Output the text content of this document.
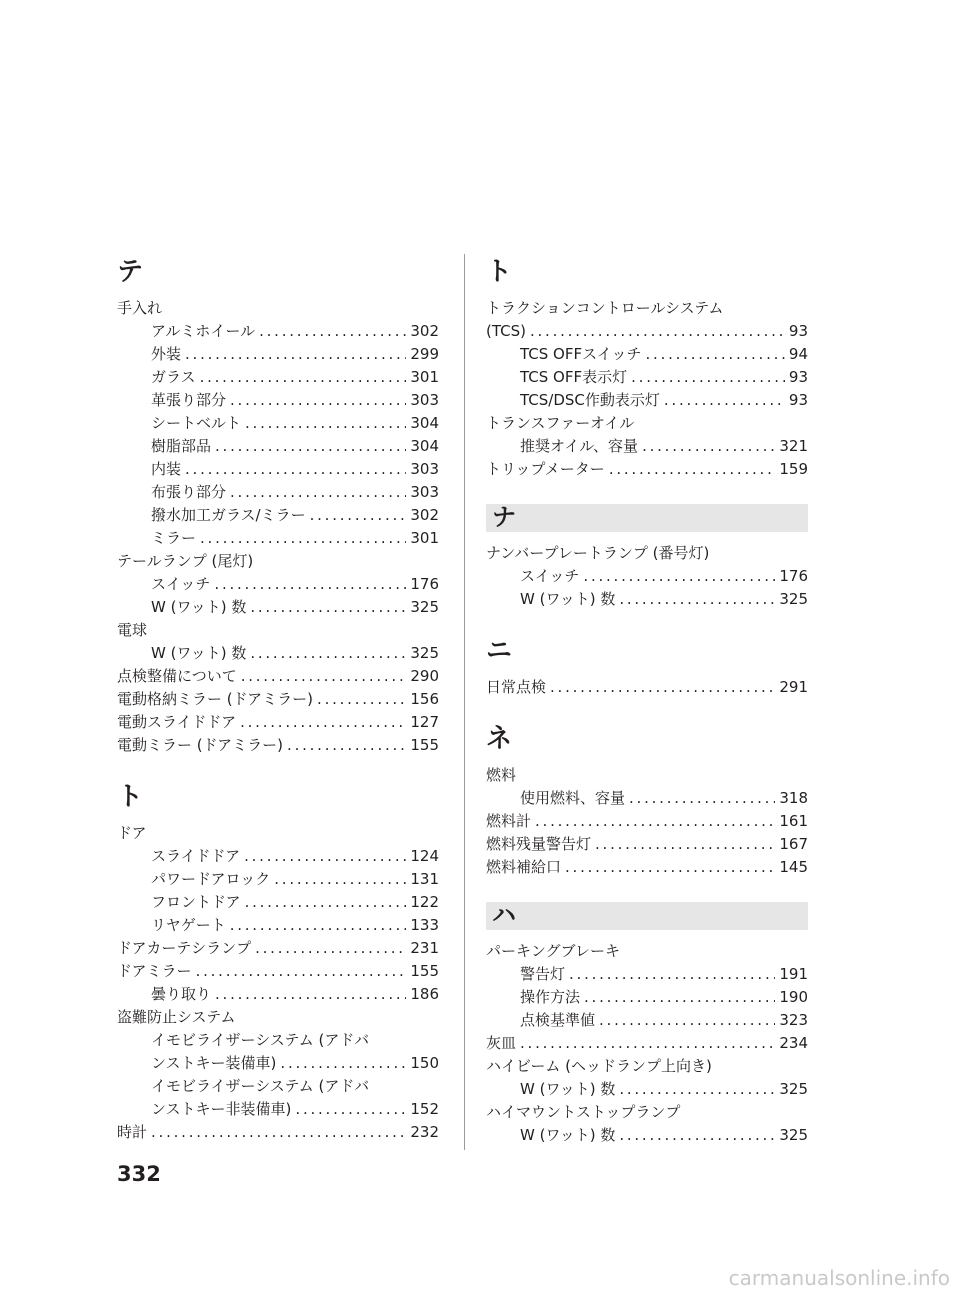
テ
手入れ
アルミホイール . . .	302
外装 . . .	299
ガラス . . .	301
革張り部分 . . .	303
シートベルト . . .	304
樹脂部品 . . .	304
内装 . . .	303
布張り部分 . . .	303
撥水加工ガラス/ミラー . . .	302
ミラー . . .	301
テールランプ (尾灯)
スイッチ . . .	176
W (ワット) 数 . . .	325
電球
W (ワット) 数 . . .	325
点検整備について . . .	290
電動格納ミラー (ドアミラー) . . .	156
電動スライドドア . . .	127
電動ミラー (ドアミラー) . . .	155
ト
ドア
スライドドア . . .	124
パワードアロック . . .	131
フロントドア . . .	122
リヤゲート . . .	133
ドアカーテシランプ . . .	231
ドアミラー . . .	155
曇り取り . . .	186
盗難防止システム
イモビライザーシステム (アドバ
ンストキー装備車) . . .	150
イモビライザーシステム (アドバ
ンストキー非装備車) . . .	152
時計 . . .	232
ト
トラクションコントロールシステム
(TCS) . . .	93
TCS OFFスイッチ . . .	94
TCS OFF表示灯 . . .	93
TCS/DSC作動表示灯 . . .	93
トランスファーオイル
推奨オイル、容量 . . .	321
トリップメーター . . .	159
ナ
ナンバープレートランプ (番号灯)
スイッチ . . .	176
W (ワット) 数 . . .	325
ニ
日常点検 . . .	291
ネ
燃料
使用燃料、容量 . . .	318
燃料計 . . .	161
燃料残量警告灯 . . .	167
燃料補給口 . . .	145
ハ
パーキングブレーキ
警告灯 . . .	191
操作方法 . . .	190
点検基準値 . . .	323
灰皿 . . .	234
ハイビーム (ヘッドランプ上向き)
W (ワット) 数 . . .	325
ハイマウントストップランプ
W (ワット) 数 . . .	325
332
carmanualsonline.info
